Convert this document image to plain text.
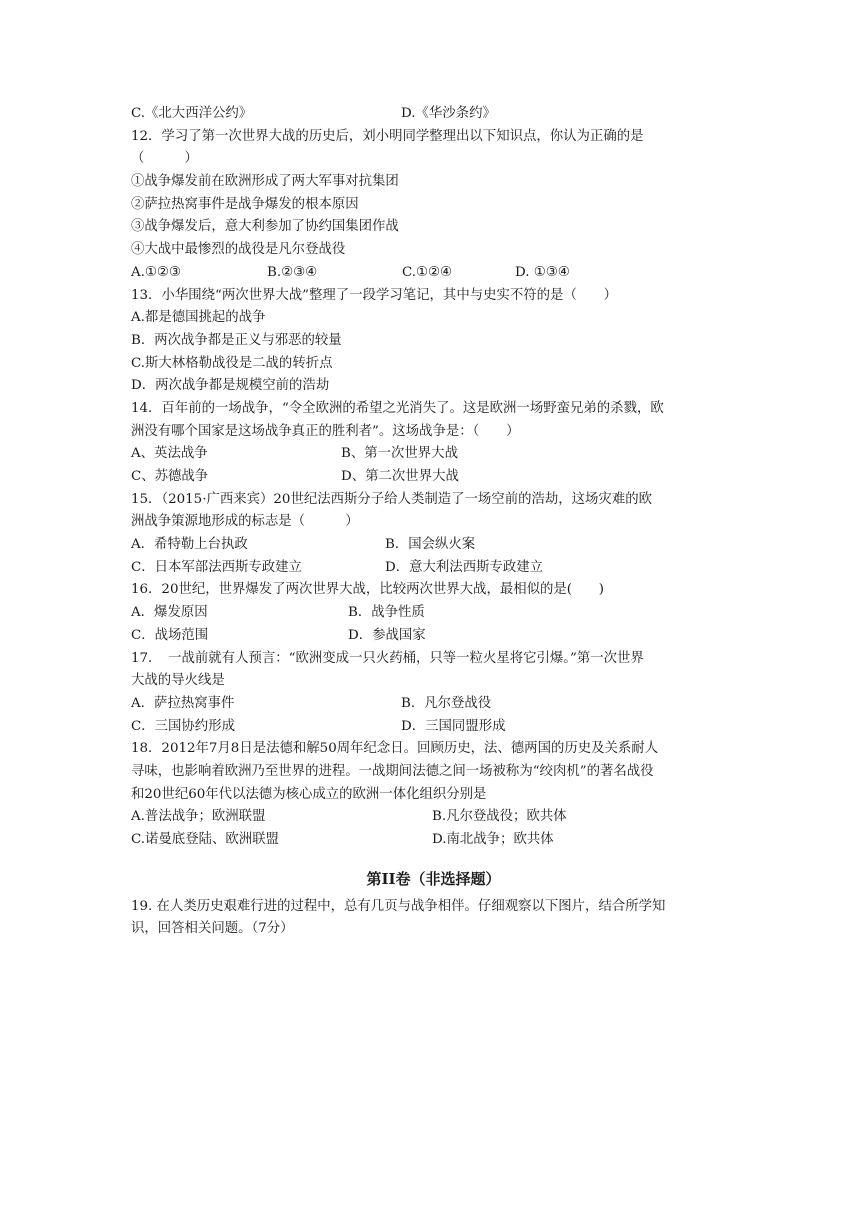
C.《北大西洋公约》	D.《华沙条约》
12．学习了第一次世界大战的历史后，刘小明同学整理出以下知识点，你认为正确的是
（　　　）
①战争爆发前在欧洲形成了两大军事对抗集团
②萨拉热窝事件是战争爆发的根本原因
③战争爆发后，意大利参加了协约国集团作战
④大战中最惨烈的战役是凡尔登战役
A.①②③	B.②③④	C.①②④	D. ①③④
13．小华围绕“两次世界大战”整理了一段学习笔记，其中与史实不符的是（　　）
A.都是德国挑起的战争
B．两次战争都是正义与邪恶的较量
C.斯大林格勒战役是二战的转折点
D．两次战争都是规模空前的浩劫
14．百年前的一场战争，“令全欧洲的希望之光消失了。这是欧洲一场野蛮兄弟的杀戮，欧
洲没有哪个国家是这场战争真正的胜利者”。这场战争是：（　　）
A、英法战争	B、第一次世界大战
C、苏德战争	D、第二次世界大战
15．（2015·广西来宾）20世纪法西斯分子给人类制造了一场空前的浩劫，这场灾难的欧
洲战争策源地形成的标志是（　　　）
A．希特勒上台执政	B．国会纵火案
C．日本军部法西斯专政建立	D．意大利法西斯专政建立
16．20世纪，世界爆发了两次世界大战，比较两次世界大战，最相似的是(　　)
A．爆发原因	B．战争性质
C．战场范围	D．参战国家
17．　一战前就有人预言：“欧洲变成一只火药桶，只等一粒火星将它引爆。”第一次世界
大战的导火线是
A．萨拉热窝事件	B．凡尔登战役
C．三国协约形成	D．三国同盟形成
18．2012年7月8日是法德和解50周年纪念日。回顾历史，法、德两国的历史及关系耐人
寻味，也影响着欧洲乃至世界的进程。一战期间法德之间一场被称为“绞肉机”的著名战役
和20世纪60年代以法德为核心成立的欧洲一体化组织分别是
A.普法战争；欧洲联盟	B.凡尔登战役；欧共体
C.诺曼底登陆、欧洲联盟	D.南北战争；欧共体
第II卷（非选择题）
19. 在人类历史艰难行进的过程中，总有几页与战争相伴。仔细观察以下图片，结合所学知
识，回答相关问题。（7分）
